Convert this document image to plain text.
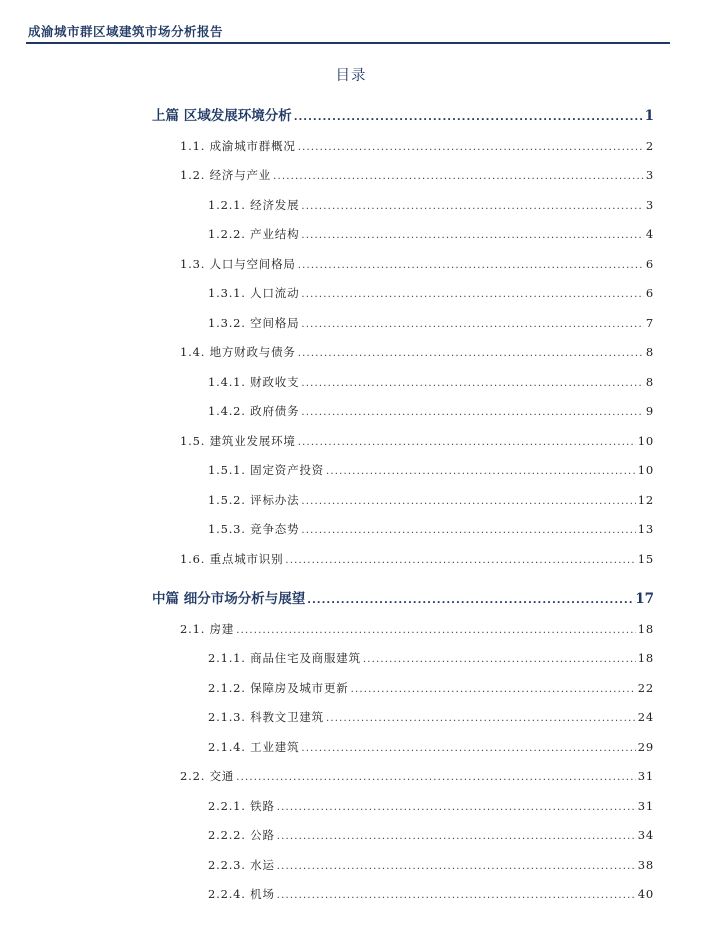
成渝城市群区域建筑市场分析报告
目录
上篇 区域发展环境分析 .....	1
1.1. 成渝城市群概况 .....	2
1.2. 经济与产业 .....	3
1.2.1. 经济发展 .....	3
1.2.2. 产业结构 .....	4
1.3. 人口与空间格局 .....	6
1.3.1. 人口流动 .....	6
1.3.2. 空间格局 .....	7
1.4. 地方财政与债务 .....	8
1.4.1. 财政收支 .....	8
1.4.2. 政府债务 .....	9
1.5. 建筑业发展环境 .....	10
1.5.1. 固定资产投资 .....	10
1.5.2. 评标办法 .....	12
1.5.3. 竞争态势 .....	13
1.6. 重点城市识别 .....	15
中篇 细分市场分析与展望 .....	17
2.1. 房建 .....	18
2.1.1. 商品住宅及商服建筑 .....	18
2.1.2. 保障房及城市更新 .....	22
2.1.3. 科教文卫建筑 .....	24
2.1.4. 工业建筑 .....	29
2.2. 交通 .....	31
2.2.1. 铁路 .....	31
2.2.2. 公路 .....	34
2.2.3. 水运 .....	38
2.2.4. 机场 .....	40
